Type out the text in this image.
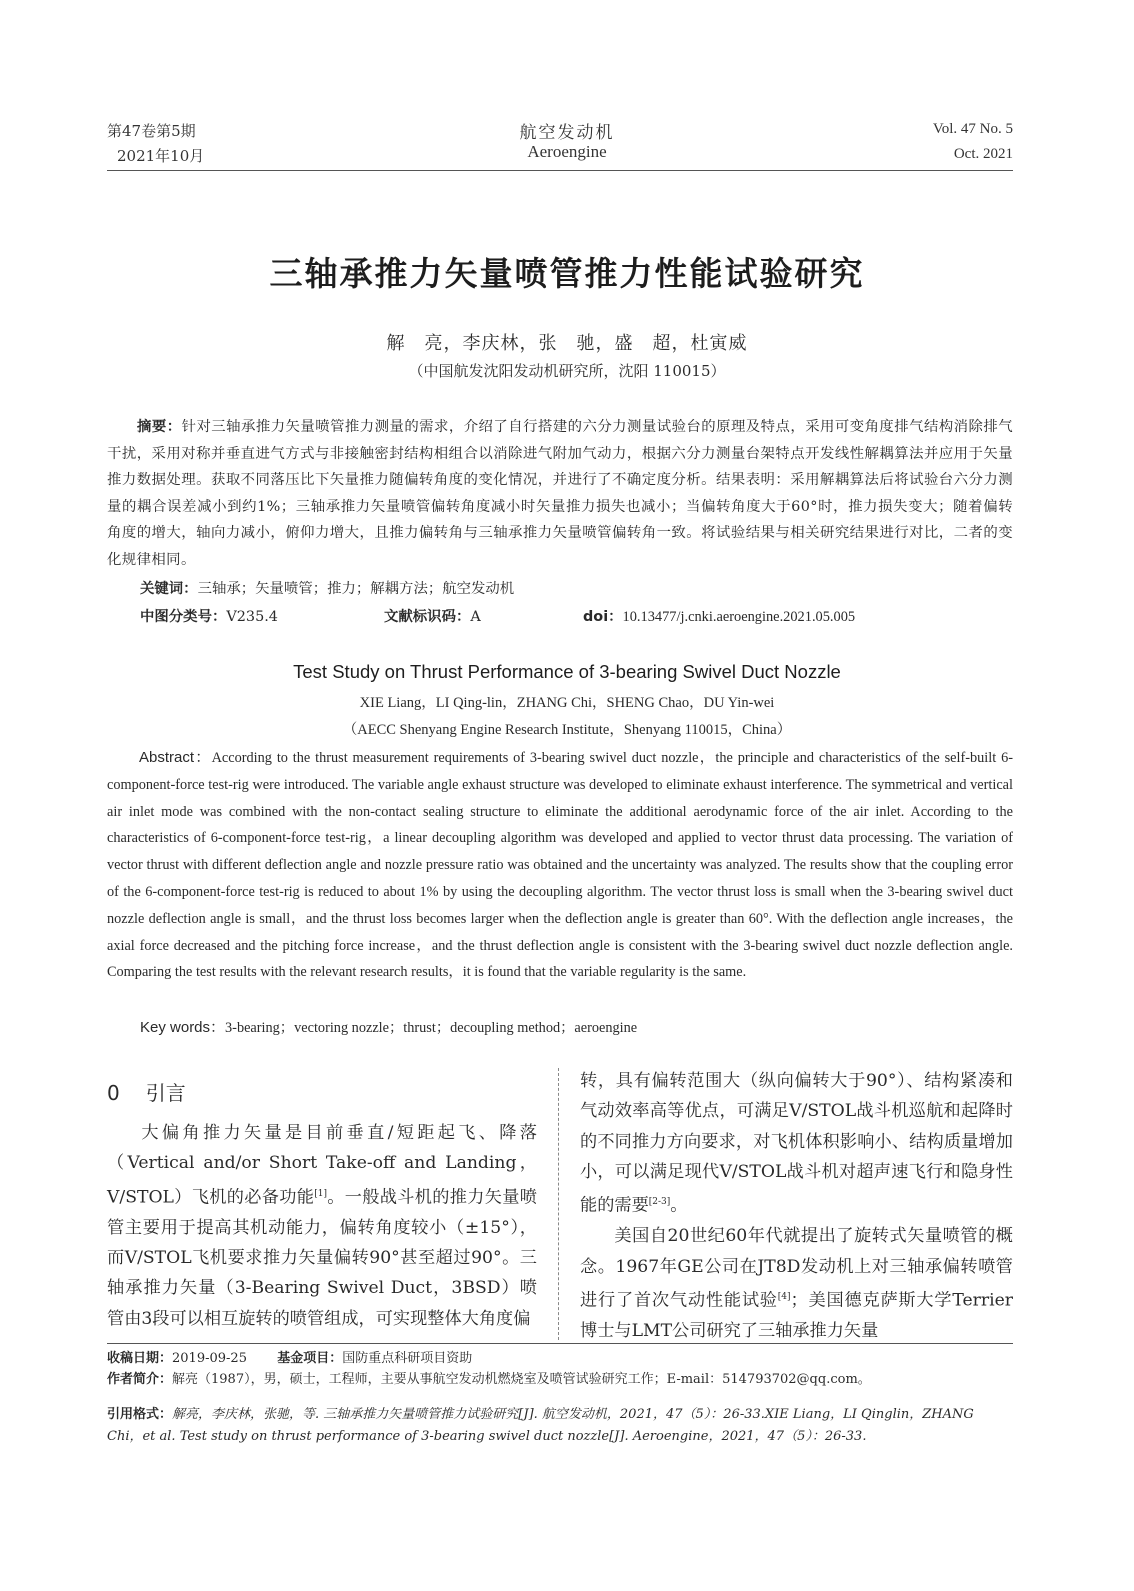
第47卷第5期
2021年10月
航空发动机
Aeroengine
Vol. 47 No. 5
Oct. 2021
三轴承推力矢量喷管推力性能试验研究
解　亮，李庆林，张　驰，盛　超，杜寅威
（中国航发沈阳发动机研究所，沈阳 110015）
摘要：针对三轴承推力矢量喷管推力测量的需求，介绍了自行搭建的六分力测量试验台的原理及特点，采用可变角度排气结构消除排气干扰，采用对称并垂直进气方式与非接触密封结构相组合以消除进气附加气动力，根据六分力测量台架特点开发线性解耦算法并应用于矢量推力数据处理。获取不同落压比下矢量推力随偏转角度的变化情况，并进行了不确定度分析。结果表明：采用解耦算法后将试验台六分力测量的耦合误差减小到约1%；三轴承推力矢量喷管偏转角度减小时矢量推力损失也减小；当偏转角度大于60°时，推力损失变大；随着偏转角度的增大，轴向力减小，俯仰力增大，且推力偏转角与三轴承推力矢量喷管偏转角一致。将试验结果与相关研究结果进行对比，二者的变化规律相同。
关键词：三轴承；矢量喷管；推力；解耦方法；航空发动机
中图分类号：V235.4	文献标识码：A	doi：10.13477/j.cnki.aeroengine.2021.05.005
Test Study on Thrust Performance of 3-bearing Swivel Duct Nozzle
XIE Liang，LI Qing-lin，ZHANG Chi，SHENG Chao，DU Yin-wei
（AECC Shenyang Engine Research Institute，Shenyang 110015，China）
Abstract：According to the thrust measurement requirements of 3-bearing swivel duct nozzle，the principle and characteristics of the self-built 6-component-force test-rig were introduced. The variable angle exhaust structure was developed to eliminate exhaust interference. The symmetrical and vertical air inlet mode was combined with the non-contact sealing structure to eliminate the additional aerodynamic force of the air inlet. According to the characteristics of 6-component-force test-rig，a linear decoupling algorithm was developed and applied to vector thrust data processing. The variation of vector thrust with different deflection angle and nozzle pressure ratio was obtained and the uncertainty was analyzed. The results show that the coupling error of the 6-component-force test-rig is reduced to about 1% by using the decoupling algorithm. The vector thrust loss is small when the 3-bearing swivel duct nozzle deflection angle is small，and the thrust loss becomes larger when the deflection angle is greater than 60°. With the deflection angle increases，the axial force decreased and the pitching force increase，and the thrust deflection angle is consistent with the 3-bearing swivel duct nozzle deflection angle. Comparing the test results with the relevant research results，it is found that the variable regularity is the same.
Key words：3-bearing；vectoring nozzle；thrust；decoupling method；aeroengine
0 引言

大偏角推力矢量是目前垂直/短距起飞、降落（Vertical and/or Short Take-off and Landing，V/STOL）飞机的必备功能[1]。一般战斗机的推力矢量喷管主要用于提高其机动能力，偏转角度较小（±15°），而V/STOL飞机要求推力矢量偏转90°甚至超过90°。三轴承推力矢量（3-Bearing Swivel Duct，3BSD）喷管由3段可以相互旋转的喷管组成，可实现整体大角度偏

转，具有偏转范围大（纵向偏转大于90°）、结构紧凑和气动效率高等优点，可满足V/STOL战斗机巡航和起降时的不同推力方向要求，对飞机体积影响小、结构质量增加小，可以满足现代V/STOL战斗机对超声速飞行和隐身性能的需要[2-3]。

美国自20世纪60年代就提出了旋转式矢量喷管的概念。1967年GE公司在JT8D发动机上对三轴承偏转喷管进行了首次气动性能试验[4]；美国德克萨斯大学Terrier博士与LMT公司研究了三轴承推力矢量

收稿日期：2019-09-25 基金项目：国防重点科研项目资助
作者简介：解亮（1987），男，硕士，工程师，主要从事航空发动机燃烧室及喷管试验研究工作；E-mail：514793702@qq.com。
引用格式：解亮，李庆林，张驰，等. 三轴承推力矢量喷管推力试验研究[J]. 航空发动机，2021，47（5）：26-33.XIE Liang，LI Qinglin，ZHANG Chi，et al. Test study on thrust performance of 3-bearing swivel duct nozzle[J]. Aeroengine，2021，47（5）：26-33.
